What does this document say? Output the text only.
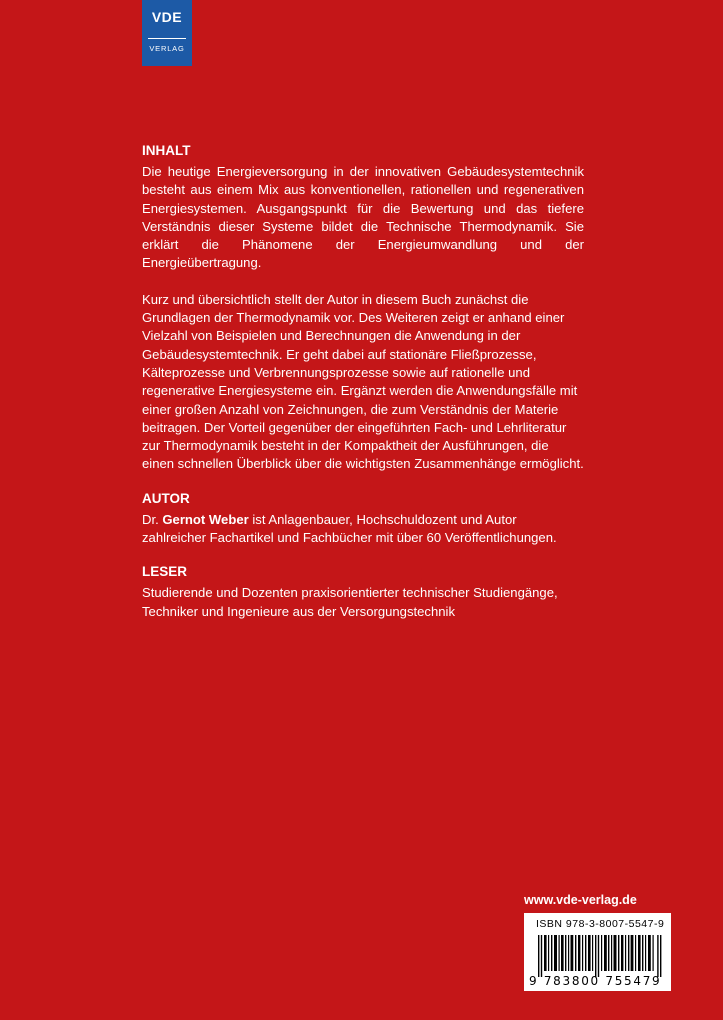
VDE
VERLAG
INHALT

Die heutige Energieversorgung in der innovativen Gebäudesystemtechnik besteht aus einem Mix aus konventionellen, rationellen und regenerativen Energiesystemen. Ausgangspunkt für die Bewertung und das tiefere Verständnis dieser Systeme bildet die Technische Thermodynamik. Sie erklärt die Phänomene der Energieumwandlung und der Energieübertragung.

Kurz und übersichtlich stellt der Autor in diesem Buch zunächst die Grundlagen der Thermodynamik vor. Des Weiteren zeigt er anhand einer Vielzahl von Beispielen und Berechnungen die Anwendung in der Gebäudesystemtechnik. Er geht dabei auf stationäre Fließprozesse, Kälteprozesse und Verbrennungsprozesse sowie auf rationelle und regenerative Energiesysteme ein. Ergänzt werden die Anwendungsfälle mit einer großen Anzahl von Zeichnungen, die zum Verständnis der Materie beitragen. Der Vorteil gegenüber der eingeführten Fach- und Lehrliteratur zur Thermodynamik besteht in der Kompaktheit der Ausführungen, die einen schnellen Überblick über die wichtigsten Zusammenhänge ermöglicht.

AUTOR

Dr. Gernot Weber ist Anlagenbauer, Hochschuldozent und Autor zahlreicher Fachartikel und Fachbücher mit über 60 Veröffentlichungen.

LESER

Studierende und Dozenten praxisorientierter technischer Studiengänge, Techniker und Ingenieure aus der Versorgungstechnik

www.vde-verlag.de
ISBN 978-3-8007-5547-9
9 783800 755479
